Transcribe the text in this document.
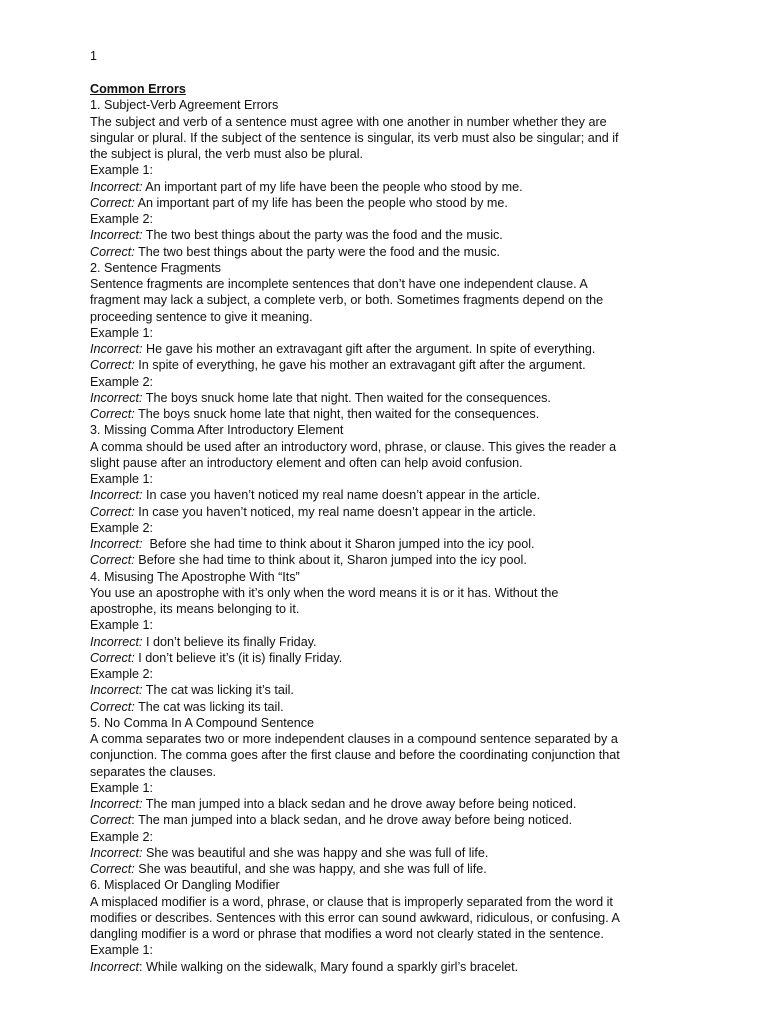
1
Common Errors
1. Subject-Verb Agreement Errors
The subject and verb of a sentence must agree with one another in number whether they are
singular or plural. If the subject of the sentence is singular, its verb must also be singular; and if
the subject is plural, the verb must also be plural.
Example 1:
Incorrect: An important part of my life have been the people who stood by me.
Correct: An important part of my life has been the people who stood by me.
Example 2:
Incorrect: The two best things about the party was the food and the music.
Correct: The two best things about the party were the food and the music.
2. Sentence Fragments
Sentence fragments are incomplete sentences that don’t have one independent clause. A
fragment may lack a subject, a complete verb, or both. Sometimes fragments depend on the
proceeding sentence to give it meaning.
Example 1:
Incorrect: He gave his mother an extravagant gift after the argument. In spite of everything.
Correct: In spite of everything, he gave his mother an extravagant gift after the argument.
Example 2:
Incorrect: The boys snuck home late that night. Then waited for the consequences.
Correct: The boys snuck home late that night, then waited for the consequences.
3. Missing Comma After Introductory Element
A comma should be used after an introductory word, phrase, or clause. This gives the reader a
slight pause after an introductory element and often can help avoid confusion.
Example 1:
Incorrect: In case you haven’t noticed my real name doesn’t appear in the article.
Correct: In case you haven’t noticed, my real name doesn’t appear in the article.
Example 2:
Incorrect:  Before she had time to think about it Sharon jumped into the icy pool.
Correct: Before she had time to think about it, Sharon jumped into the icy pool.
4. Misusing The Apostrophe With “Its”
You use an apostrophe with it’s only when the word means it is or it has. Without the
apostrophe, its means belonging to it.
Example 1:
Incorrect: I don’t believe its finally Friday.
Correct: I don’t believe it’s (it is) finally Friday.
Example 2:
Incorrect: The cat was licking it’s tail.
Correct: The cat was licking its tail.
5. No Comma In A Compound Sentence
A comma separates two or more independent clauses in a compound sentence separated by a
conjunction. The comma goes after the first clause and before the coordinating conjunction that
separates the clauses.
Example 1:
Incorrect: The man jumped into a black sedan and he drove away before being noticed.
Correct: The man jumped into a black sedan, and he drove away before being noticed.
Example 2:
Incorrect: She was beautiful and she was happy and she was full of life.
Correct: She was beautiful, and she was happy, and she was full of life.
6. Misplaced Or Dangling Modifier
A misplaced modifier is a word, phrase, or clause that is improperly separated from the word it
modifies or describes. Sentences with this error can sound awkward, ridiculous, or confusing. A
dangling modifier is a word or phrase that modifies a word not clearly stated in the sentence.
Example 1:
Incorrect: While walking on the sidewalk, Mary found a sparkly girl’s bracelet.
